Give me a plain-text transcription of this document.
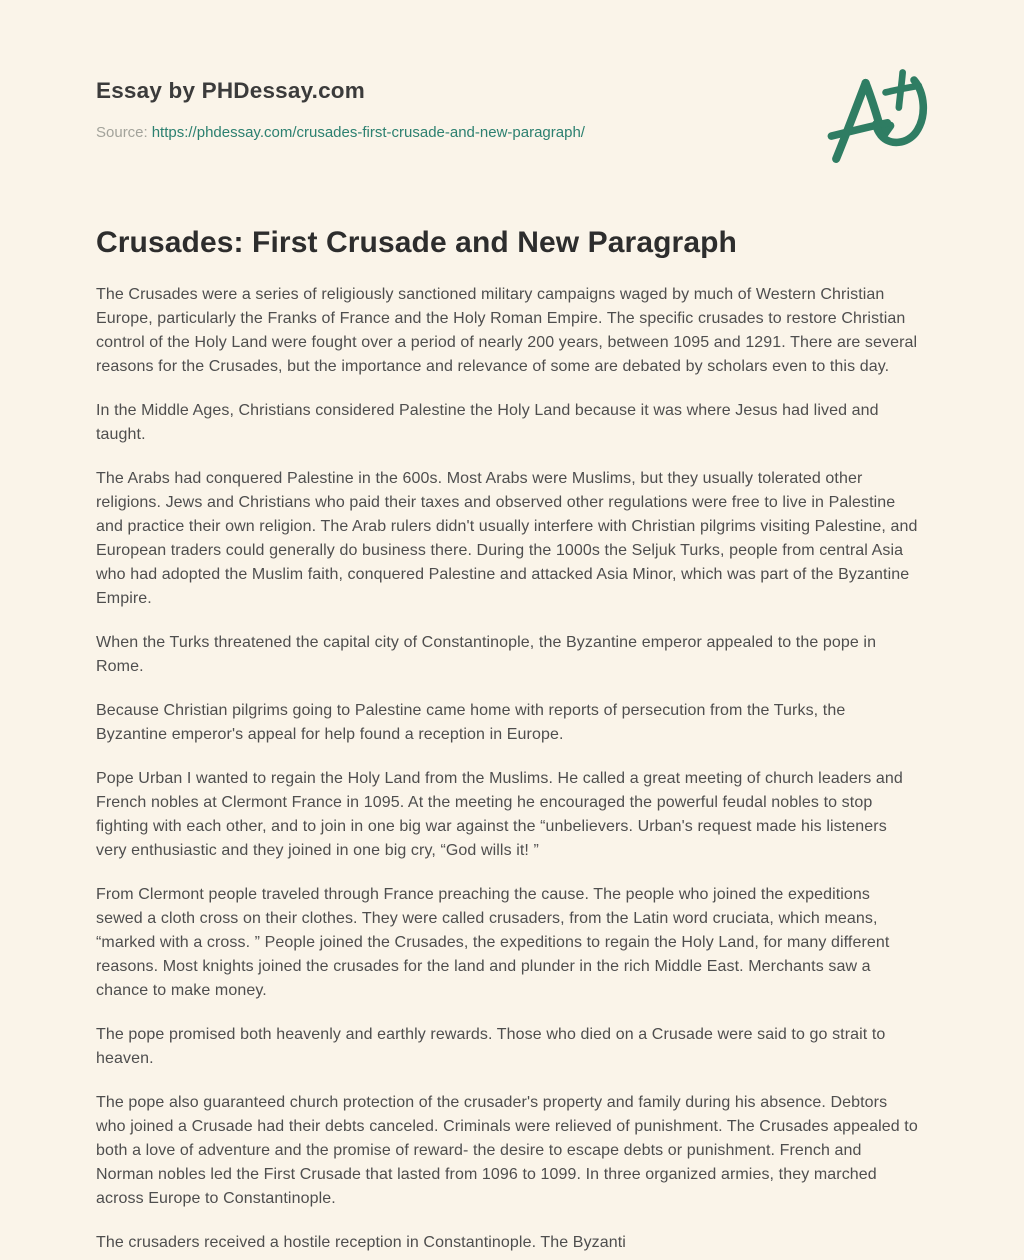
Essay by PHDessay.com
Source: https://phdessay.com/crusades-first-crusade-and-new-paragraph/
Crusades: First Crusade and New Paragraph

The Crusades were a series of religiously sanctioned military campaigns waged by much of Western Christian Europe, particularly the Franks of France and the Holy Roman Empire. The specific crusades to restore Christian control of the Holy Land were fought over a period of nearly 200 years, between 1095 and 1291. There are several reasons for the Crusades, but the importance and relevance of some are debated by scholars even to this day.

In the Middle Ages, Christians considered Palestine the Holy Land because it was where Jesus had lived and taught.

The Arabs had conquered Palestine in the 600s. Most Arabs were Muslims, but they usually tolerated other religions. Jews and Christians who paid their taxes and observed other regulations were free to live in Palestine and practice their own religion. The Arab rulers didn't usually interfere with Christian pilgrims visiting Palestine, and European traders could generally do business there. During the 1000s the Seljuk Turks, people from central Asia who had adopted the Muslim faith, conquered Palestine and attacked Asia Minor, which was part of the Byzantine Empire.

When the Turks threatened the capital city of Constantinople, the Byzantine emperor appealed to the pope in Rome.

Because Christian pilgrims going to Palestine came home with reports of persecution from the Turks, the Byzantine emperor's appeal for help found a reception in Europe.

Pope Urban I wanted to regain the Holy Land from the Muslims. He called a great meeting of church leaders and French nobles at Clermont France in 1095. At the meeting he encouraged the powerful feudal nobles to stop fighting with each other, and to join in one big war against the “unbelievers. Urban's request made his listeners very enthusiastic and they joined in one big cry, “God wills it! ”

From Clermont people traveled through France preaching the cause. The people who joined the expeditions sewed a cloth cross on their clothes. They were called crusaders, from the Latin word cruciata, which means, “marked with a cross. ” People joined the Crusades, the expeditions to regain the Holy Land, for many different reasons. Most knights joined the crusades for the land and plunder in the rich Middle East. Merchants saw a chance to make money.

The pope promised both heavenly and earthly rewards. Those who died on a Crusade were said to go strait to heaven.

The pope also guaranteed church protection of the crusader's property and family during his absence. Debtors who joined a Crusade had their debts canceled. Criminals were relieved of punishment. The Crusades appealed to both a love of adventure and the promise of reward- the desire to escape debts or punishment. French and Norman nobles led the First Crusade that lasted from 1096 to 1099. In three organized armies, they marched across Europe to Constantinople.

The crusaders received a hostile reception in Constantinople. The Byzanti
